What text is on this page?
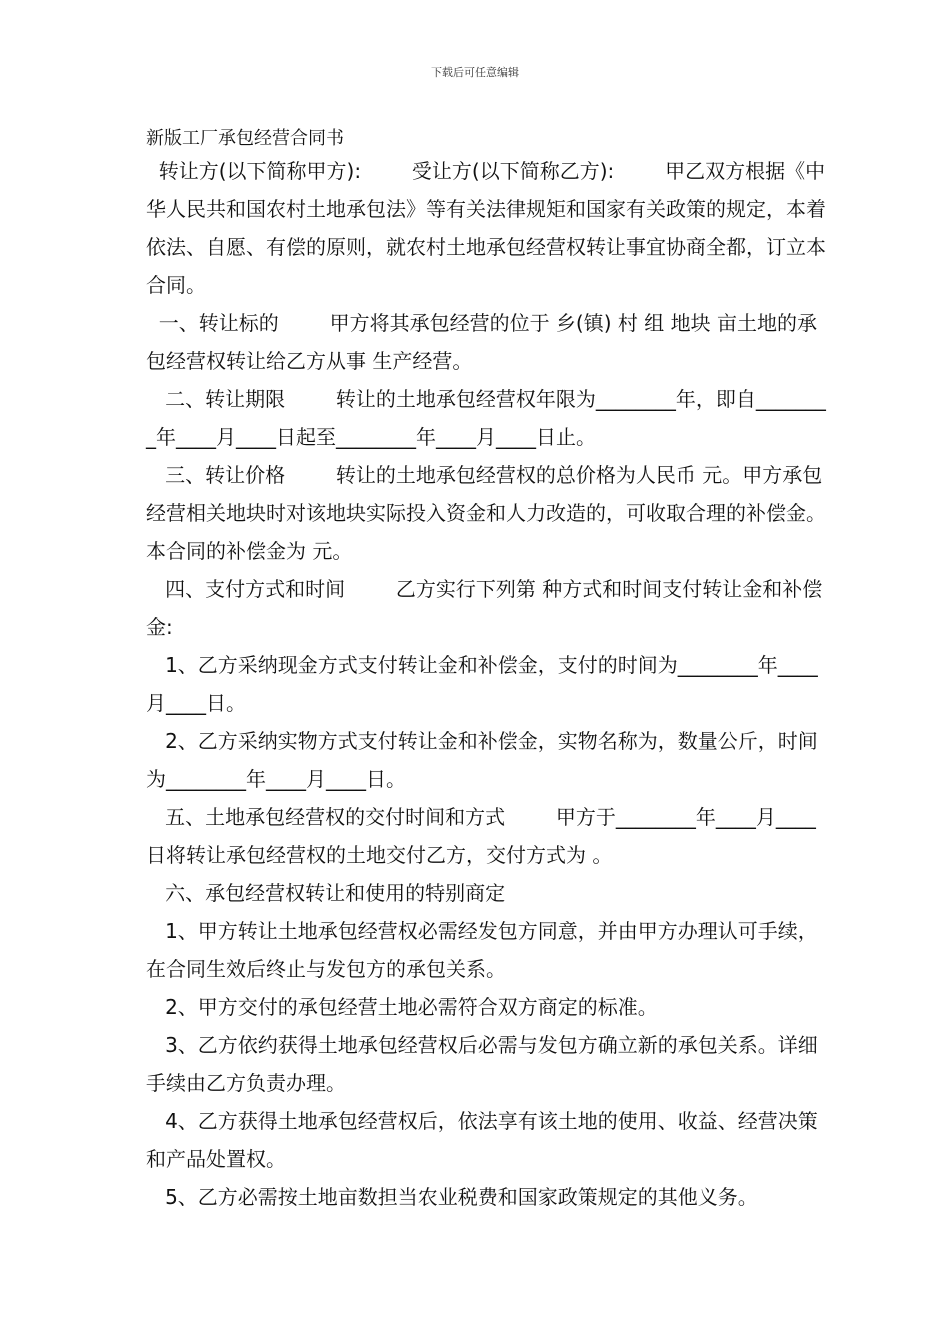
下载后可任意编辑
新版工厂承包经营合同书

转让方(以下简称甲方):        受让方(以下简称乙方):        甲乙双方根据《中华人民共和国农村土地承包法》等有关法律规矩和国家有关政策的规定，本着依法、自愿、有偿的原则，就农村土地承包经营权转让事宜协商全都，订立本合同。

一、转让标的        甲方将其承包经营的位于 乡(镇) 村 组 地块 亩土地的承包经营权转让给乙方从事 生产经营。

二、转让期限        转让的土地承包经营权年限为________年，即自________年____月____日起至________年____月____日止。

三、转让价格        转让的土地承包经营权的总价格为人民币 元。甲方承包经营相关地块时对该地块实际投入资金和人力改造的，可收取合理的补偿金。本合同的补偿金为 元。

四、支付方式和时间        乙方实行下列第 种方式和时间支付转让金和补偿金:

1、乙方采纳现金方式支付转让金和补偿金，支付的时间为________年____月____日。

2、乙方采纳实物方式支付转让金和补偿金，实物名称为，数量公斤，时间为________年____月____日。

五、土地承包经营权的交付时间和方式        甲方于________年____月____日将转让承包经营权的土地交付乙方，交付方式为 。

六、承包经营权转让和使用的特别商定

1、甲方转让土地承包经营权必需经发包方同意，并由甲方办理认可手续，在合同生效后终止与发包方的承包关系。

2、甲方交付的承包经营土地必需符合双方商定的标准。

3、乙方依约获得土地承包经营权后必需与发包方确立新的承包关系。详细手续由乙方负责办理。

4、乙方获得土地承包经营权后，依法享有该土地的使用、收益、经营决策和产品处置权。

5、乙方必需按土地亩数担当农业税费和国家政策规定的其他义务。
